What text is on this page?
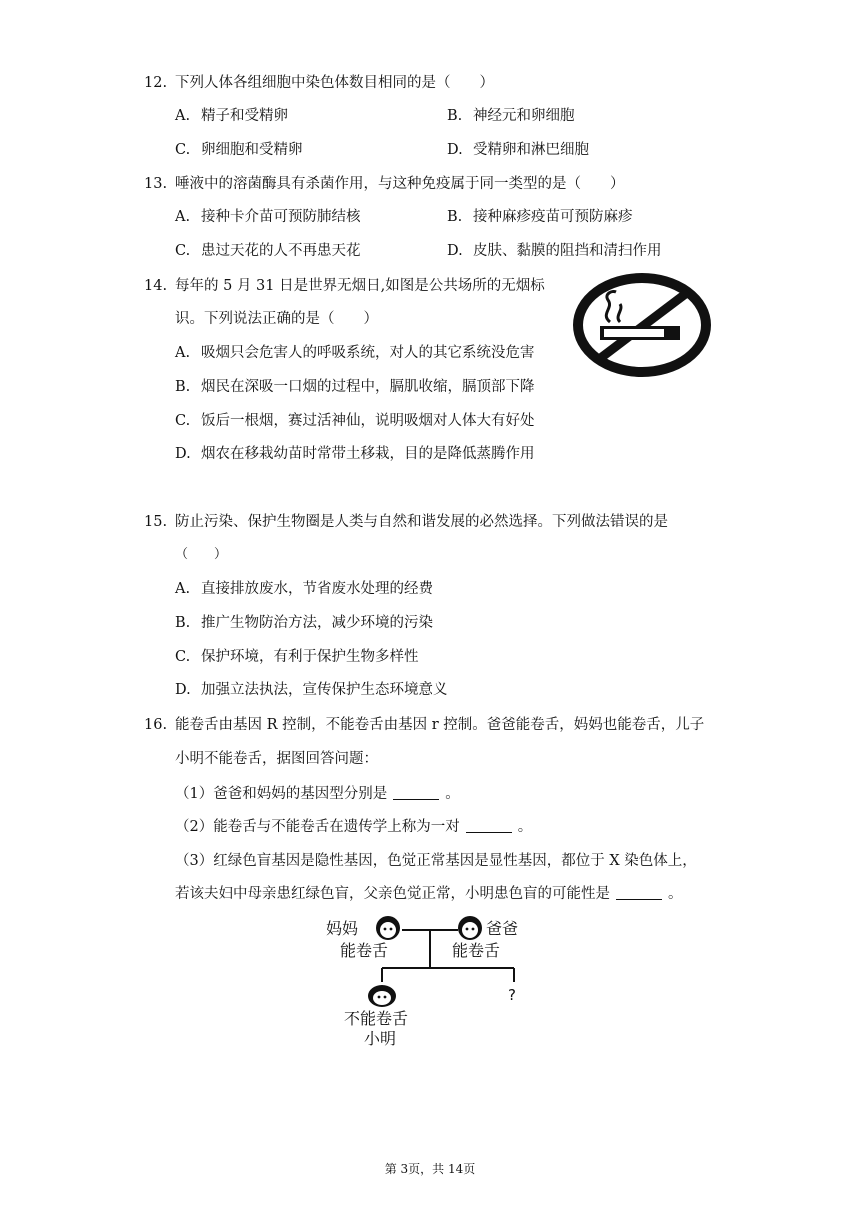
12. 下列人体各组细胞中染色体数目相同的是（　　）
A. 精子和受精卵	B. 神经元和卵细胞
C. 卵细胞和受精卵	D. 受精卵和淋巴细胞
13. 唾液中的溶菌酶具有杀菌作用，与这种免疫属于同一类型的是（　　）
A. 接种卡介苗可预防肺结核	B. 接种麻疹疫苗可预防麻疹
C. 患过天花的人不再患天花	D. 皮肤、黏膜的阻挡和清扫作用
14. 每年的 5 月 31 日是世界无烟日,如图是公共场所的无烟标
识。下列说法正确的是（　　）
A. 吸烟只会危害人的呼吸系统，对人的其它系统没危害
B. 烟民在深吸一口烟的过程中，膈肌收缩，膈顶部下降
C. 饭后一根烟，赛过活神仙，说明吸烟对人体大有好处
D. 烟农在移栽幼苗时常带土移栽，目的是降低蒸腾作用
15. 防止污染、保护生物圈是人类与自然和谐发展的必然选择。下列做法错误的是
（　　）
A. 直接排放废水，节省废水处理的经费
B. 推广生物防治方法，减少环境的污染
C. 保护环境，有利于保护生物多样性
D. 加强立法执法，宣传保护生态环境意义
16. 能卷舌由基因 R 控制，不能卷舌由基因 r 控制。爸爸能卷舌，妈妈也能卷舌，儿子
小明不能卷舌，据图回答问题：
（1）爸爸和妈妈的基因型分别是	。
（2）能卷舌与不能卷舌在遗传学上称为一对	。
（3）红绿色盲基因是隐性基因，色觉正常基因是显性基因，都位于 X 染色体上，
若该夫妇中母亲患红绿色盲，父亲色觉正常，小明患色盲的可能性是	。
妈妈	爸爸
能卷舌	能卷舌
?
不能卷舌
小明
第 3页，共 14页
